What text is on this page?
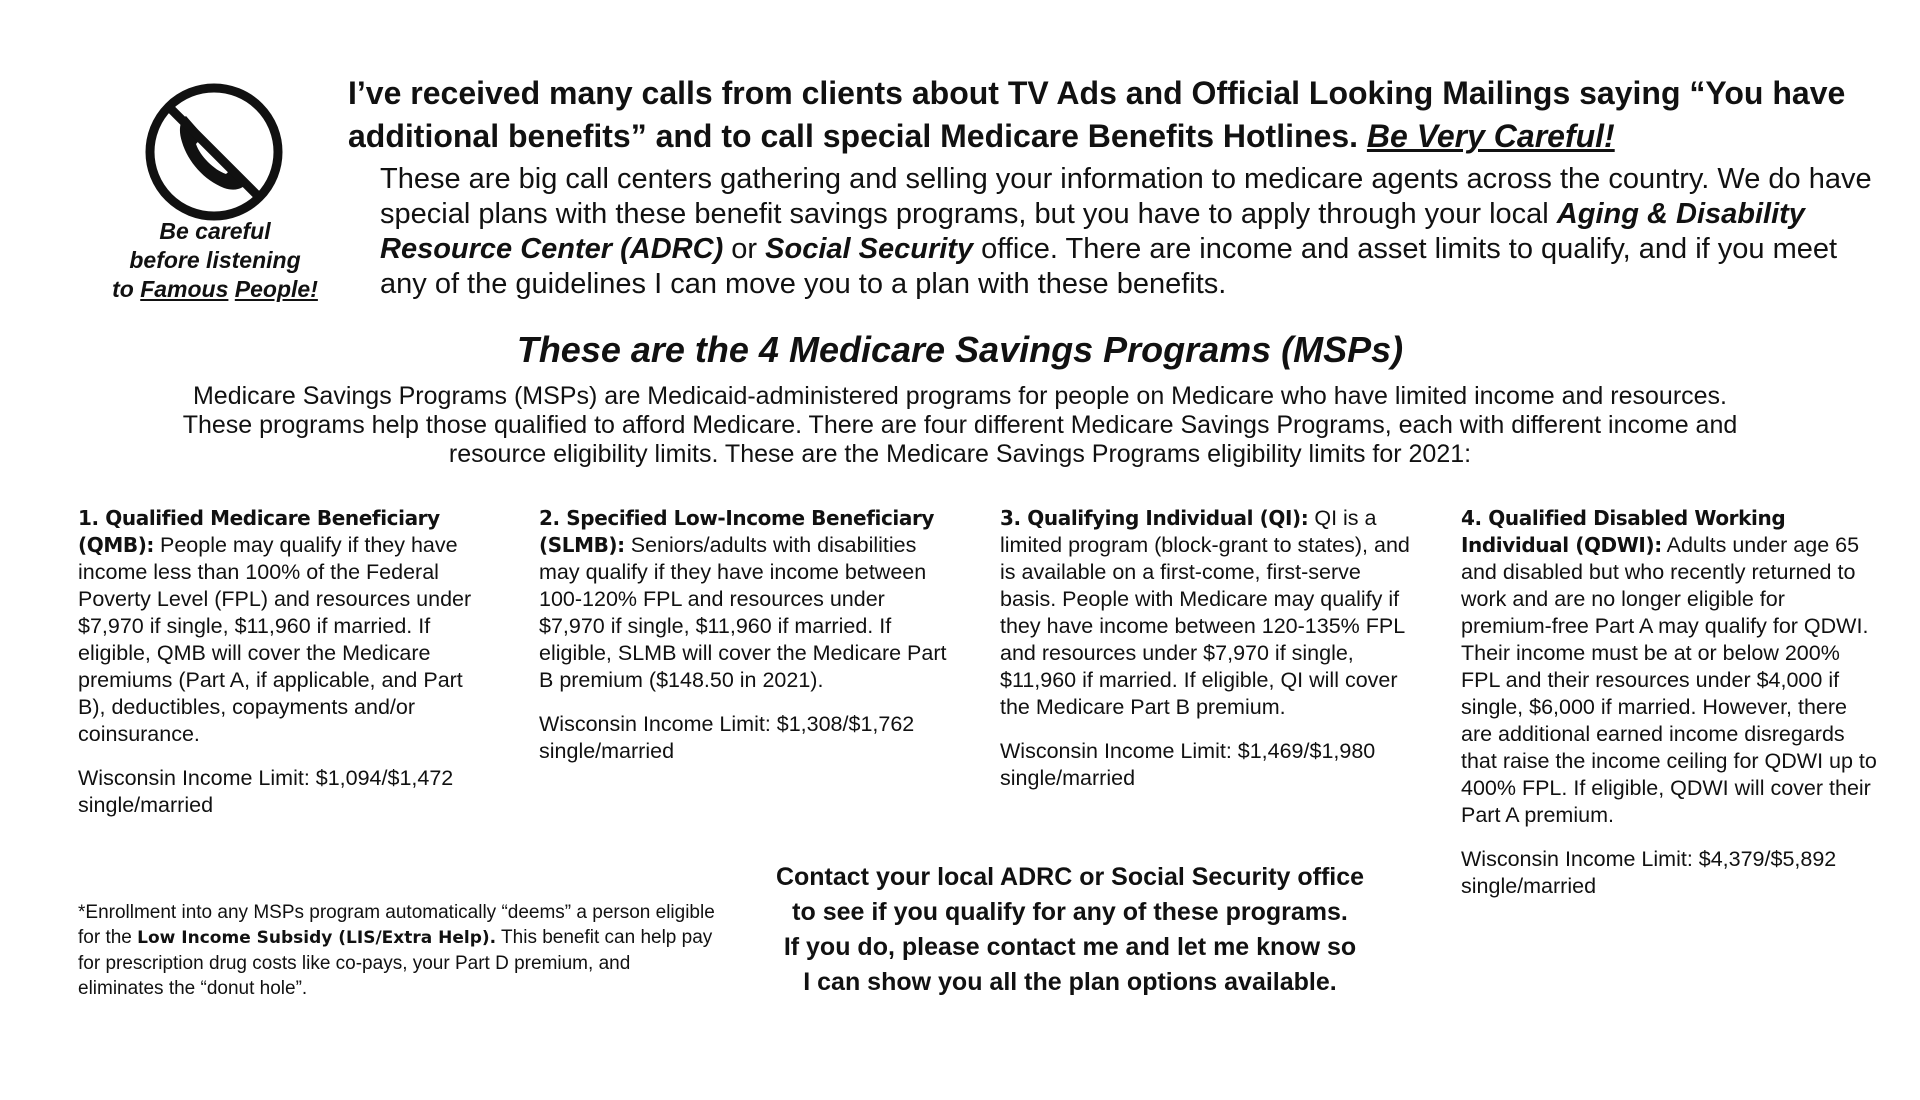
Be careful
before listening
to Famous People!
I’ve received many calls from clients about TV Ads and Official Looking Mailings saying “You have additional benefits” and to call special Medicare Benefits Hotlines. Be Very Careful!
These are big call centers gathering and selling your information to medicare agents across the country. We do have special plans with these benefit savings programs, but you have to apply through your local Aging & Disability Resource Center (ADRC) or Social Security office. There are income and asset limits to qualify, and if you meet any of the guidelines I can move you to a plan with these benefits.
These are the 4 Medicare Savings Programs (MSPs)
Medicare Savings Programs (MSPs) are Medicaid-administered programs for people on Medicare who have limited income and resources. These programs help those qualified to afford Medicare. There are four different Medicare Savings Programs, each with different income and resource eligibility limits. These are the Medicare Savings Programs eligibility limits for 2021:
1. Qualified Medicare Beneficiary (QMB): People may qualify if they have income less than 100% of the Federal Poverty Level (FPL) and resources under $7,970 if single, $11,960 if married. If eligible, QMB will cover the Medicare premiums (Part A, if applicable, and Part B), deductibles, copayments and/or coinsurance.
Wisconsin Income Limit: $1,094/$1,472 single/married
2. Specified Low-Income Beneficiary (SLMB): Seniors/adults with disabilities may qualify if they have income between 100-120% FPL and resources under $7,970 if single, $11,960 if married. If eligible, SLMB will cover the Medicare Part B premium ($148.50 in 2021).
Wisconsin Income Limit: $1,308/$1,762 single/married
3. Qualifying Individual (QI): QI is a limited program (block-grant to states), and is available on a first-come, first-serve basis. People with Medicare may qualify if they have income between 120-135% FPL and resources under $7,970 if single, $11,960 if married. If eligible, QI will cover the Medicare Part B premium.
Wisconsin Income Limit: $1,469/$1,980 single/married
4. Qualified Disabled Working Individual (QDWI): Adults under age 65 and disabled but who recently returned to work and are no longer eligible for premium-free Part A may qualify for QDWI. Their income must be at or below 200% FPL and their resources under $4,000 if single, $6,000 if married. However, there are additional earned income disregards that raise the income ceiling for QDWI up to 400% FPL. If eligible, QDWI will cover their Part A premium.
Wisconsin Income Limit: $4,379/$5,892 single/married
*Enrollment into any MSPs program automatically “deems” a person eligible for the Low Income Subsidy (LIS/Extra Help). This benefit can help pay for prescription drug costs like co-pays, your Part D premium, and eliminates the “donut hole”.
Contact your local ADRC or Social Security office
to see if you qualify for any of these programs.
If you do, please contact me and let me know so
I can show you all the plan options available.
